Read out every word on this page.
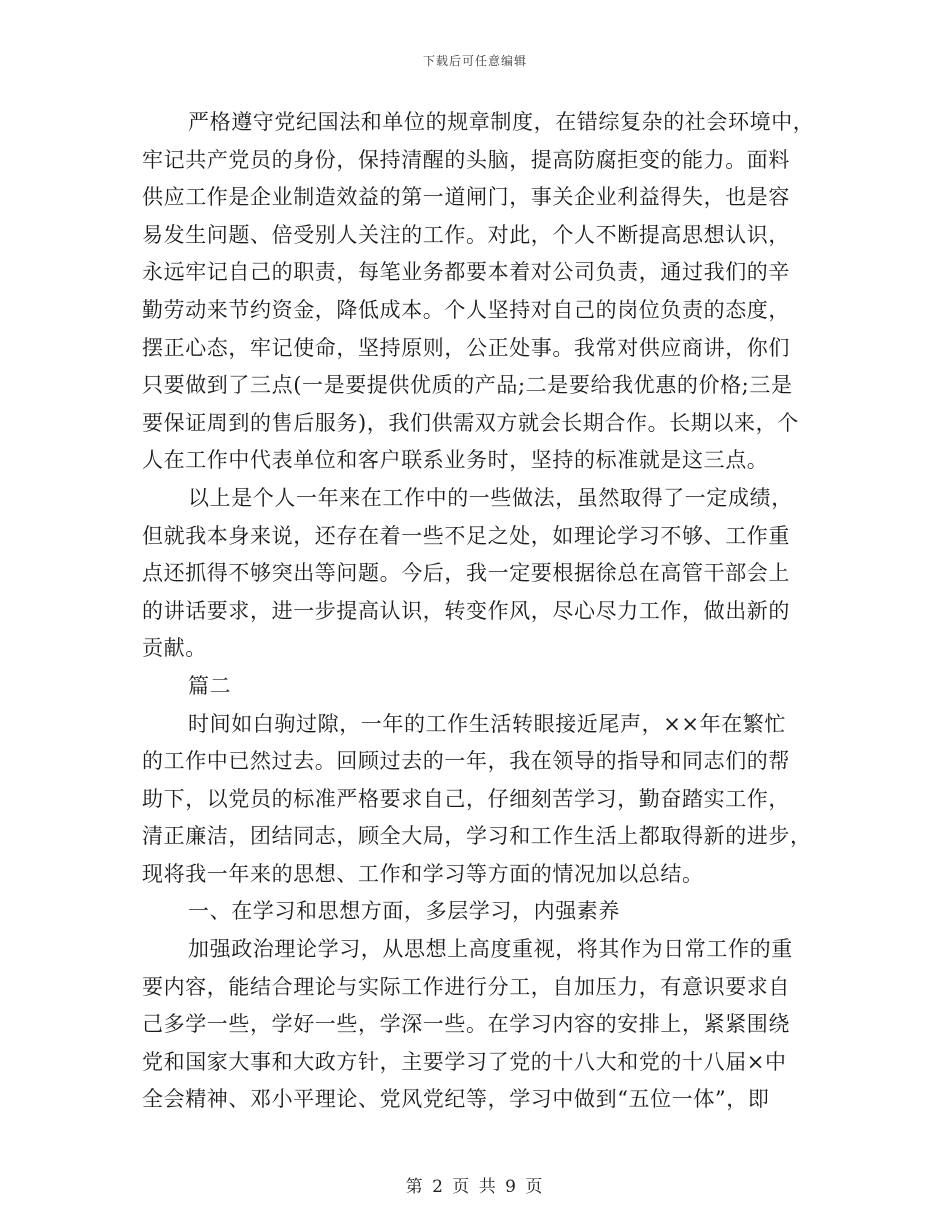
下载后可任意编辑
严格遵守党纪国法和单位的规章制度，在错综复杂的社会环境中，
牢记共产党员的身份，保持清醒的头脑，提高防腐拒变的能力。面料
供应工作是企业制造效益的第一道闸门，事关企业利益得失，也是容
易发生问题、倍受别人关注的工作。对此，个人不断提高思想认识，
永远牢记自己的职责，每笔业务都要本着对公司负责，通过我们的辛
勤劳动来节约资金，降低成本。个人坚持对自己的岗位负责的态度，
摆正心态，牢记使命，坚持原则，公正处事。我常对供应商讲，你们
只要做到了三点(一是要提供优质的产品;二是要给我优惠的价格;三是
要保证周到的售后服务)，我们供需双方就会长期合作。长期以来，个
人在工作中代表单位和客户联系业务时，坚持的标准就是这三点。
以上是个人一年来在工作中的一些做法，虽然取得了一定成绩，
但就我本身来说，还存在着一些不足之处，如理论学习不够、工作重
点还抓得不够突出等问题。今后，我一定要根据徐总在高管干部会上
的讲话要求，进一步提高认识，转变作风，尽心尽力工作，做出新的
贡献。
篇二
时间如白驹过隙，一年的工作生活转眼接近尾声，××年在繁忙
的工作中已然过去。回顾过去的一年，我在领导的指导和同志们的帮
助下，以党员的标准严格要求自己，仔细刻苦学习，勤奋踏实工作，
清正廉洁，团结同志，顾全大局，学习和工作生活上都取得新的进步，
现将我一年来的思想、工作和学习等方面的情况加以总结。
一、在学习和思想方面，多层学习，内强素养
加强政治理论学习，从思想上高度重视，将其作为日常工作的重
要内容，能结合理论与实际工作进行分工，自加压力，有意识要求自
己多学一些，学好一些，学深一些。在学习内容的安排上，紧紧围绕
党和国家大事和大政方针，主要学习了党的十八大和党的十八届×中
全会精神、邓小平理论、党风党纪等，学习中做到“五位一体”，即
第 2 页 共 9 页
